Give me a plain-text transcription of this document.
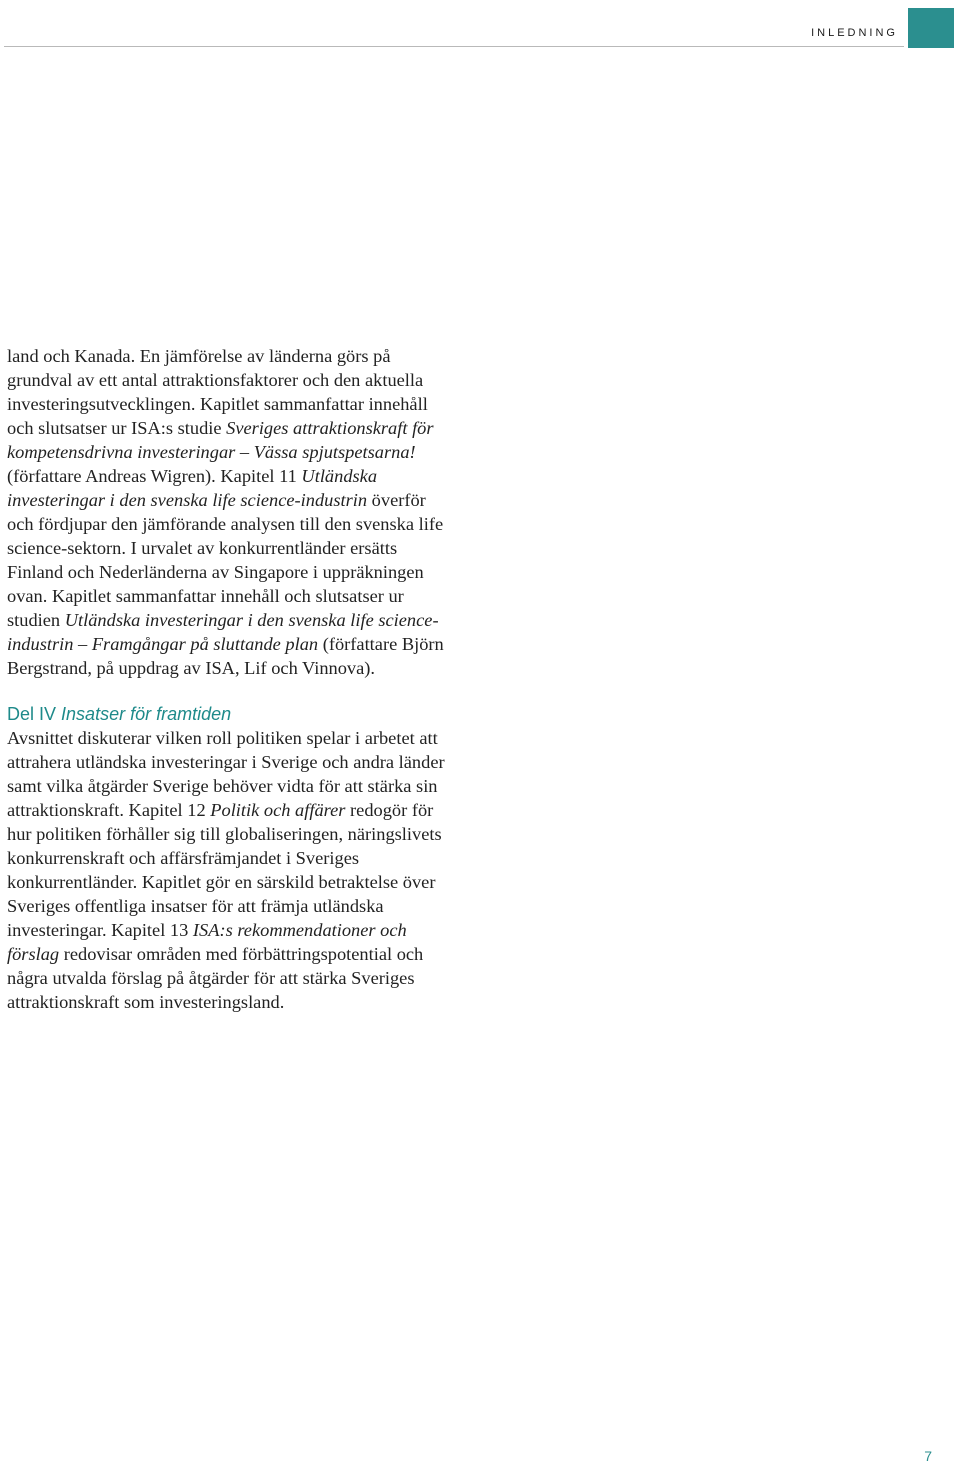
INLEDNING

land och Kanada. En jämförelse av länderna görs på grundval av ett antal attraktionsfaktorer och den aktuella investeringsutvecklingen. Kapitlet sammanfattar innehåll och slutsatser ur ISA:s studie Sveriges attraktionskraft för kompetensdrivna investeringar – Vässa spjutspetsarna! (författare Andreas Wigren). Kapitel 11 Utländska investeringar i den svenska life science-industrin överför och fördjupar den jämförande analysen till den svenska life science-sektorn. I urvalet av konkurrentländer ersätts Finland och Nederländerna av Singapore i uppräkningen ovan. Kapitlet sammanfattar innehåll och slutsatser ur studien Utländska investeringar i den svenska life science-industrin – Framgångar på sluttande plan (författare Björn Bergstrand, på uppdrag av ISA, Lif och Vinnova).

Del IV Insatser för framtiden

Avsnittet diskuterar vilken roll politiken spelar i arbetet att attrahera utländska investeringar i Sverige och andra länder samt vilka åtgärder Sverige behöver vidta för att stärka sin attraktionskraft. Kapitel 12 Politik och affärer redogör för hur politiken förhåller sig till globaliseringen, näringslivets konkurrenskraft och affärsfrämjandet i Sveriges konkurrentländer. Kapitlet gör en särskild betraktelse över Sveriges offentliga insatser för att främja utländska investeringar. Kapitel 13 ISA:s rekommendationer och förslag redovisar områden med förbättringspotential och några utvalda förslag på åtgärder för att stärka Sveriges attraktionskraft som investeringsland.

7
